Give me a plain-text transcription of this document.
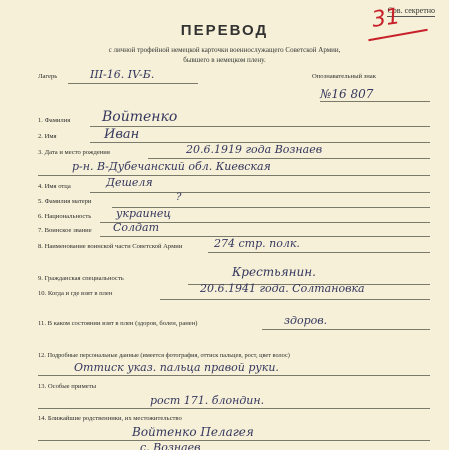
Сов. секретно
31
ПЕРЕВОД
с личной трофейной немецкой карточки военнослужащего Советской Армии,
бывшего в немецком плену.
Лагерь	III-16. IV-Б.	Опознавательный знак
№16 807
1. Фамилия Войтенко
2. Имя	Иван
3. Дата и место рождения	20.6.1919 года Вознаев
р-н. В-Дубечанский обл. Киевская
4. Имя отца	Дешеля
5. Фамилия матери	?
6. Национальность украинец
7. Воинское звание Солдат
8. Наименование воинской части Советской Армии	274 стр. полк.
9. Гражданская специальность	Крестьянин.
10. Когда и где взят в плен	20.6.1941 года. Солтановка
11. В каком состоянии взят в плен (здоров, болен, ранен)	здоров.
12. Подробные персональные данные (имеется фотография, оттиск пальцев, рост, цвет волос)
Оттиск указ. пальца правой руки.
13. Особые приметы
рост 171. блондин.
14. Ближайшие родственники, их местожительство
Войтенко Пелагея
с. Вознаев
